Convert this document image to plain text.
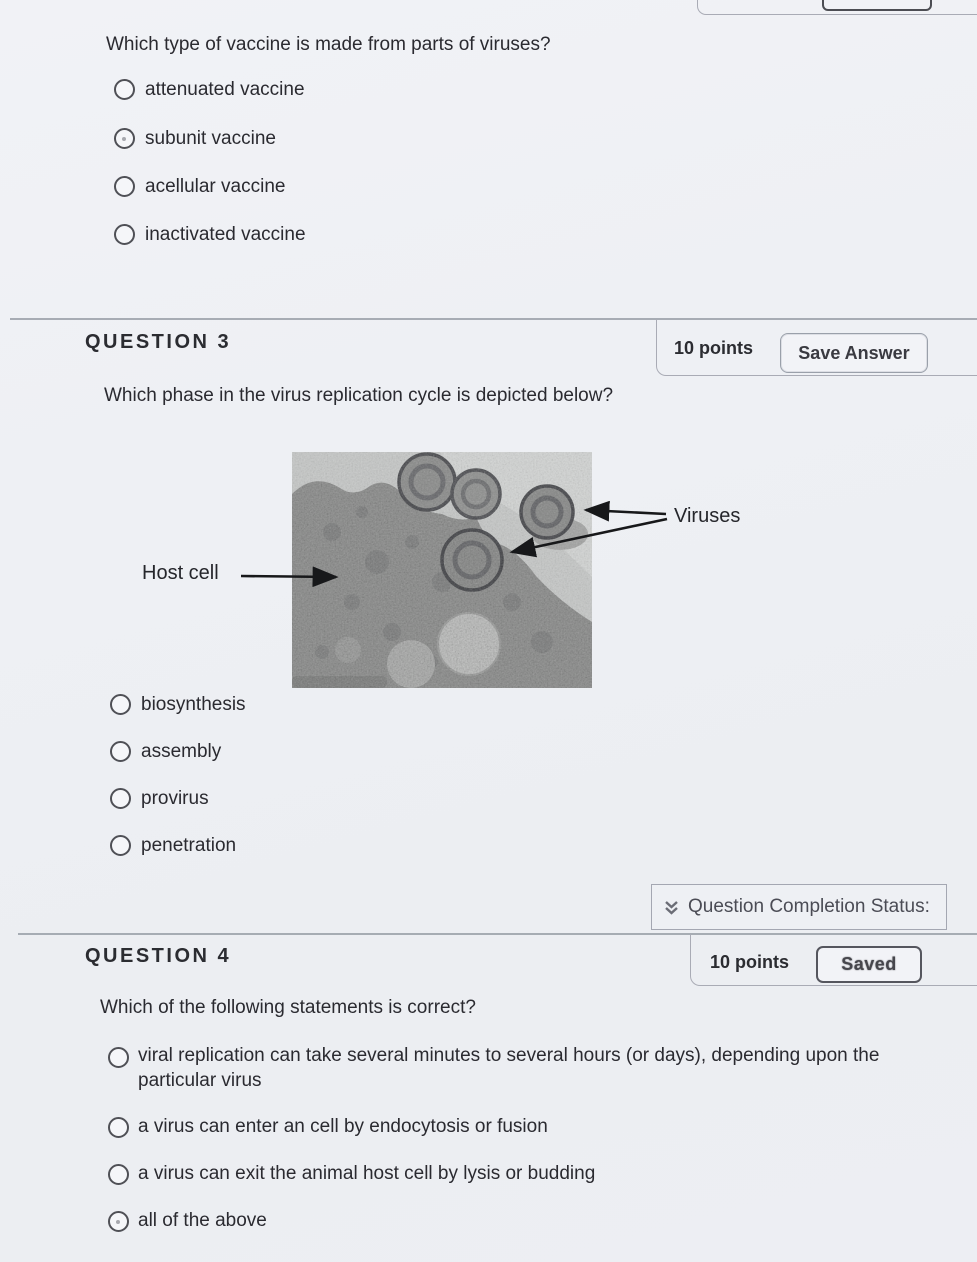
Which type of vaccine is made from parts of viruses?
attenuated vaccine
subunit vaccine
acellular vaccine
inactivated vaccine
QUESTION 3	10 points	Save Answer
Which phase in the virus replication cycle is depicted below?
Host cell
Viruses
biosynthesis
assembly
provirus
penetration
Question Completion Status:
QUESTION 4	10 points	Saved
Which of the following statements is correct?
viral replication can take several minutes to several hours (or days), depending upon the particular virus
a virus can enter an cell by endocytosis or fusion
a virus can exit the animal host cell by lysis or budding
all of the above
